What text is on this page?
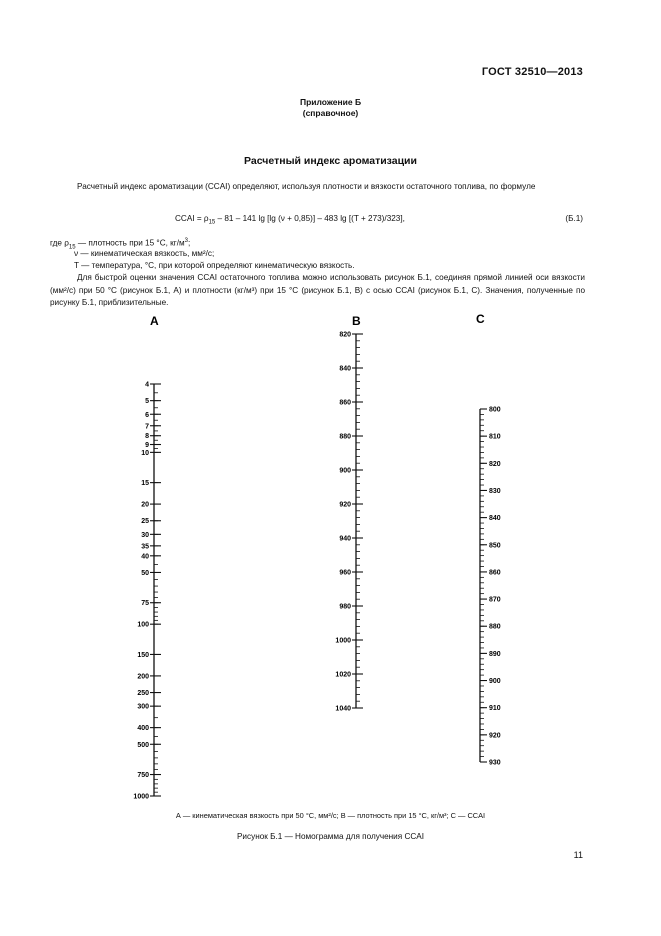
ГОСТ 32510—2013
Приложение Б
(справочное)
Расчетный индекс ароматизации
Расчетный индекс ароматизации (CCAI) определяют, используя плотности и вязкости остаточного топлива, по формуле
CCAI = $\rho_{15} - 81 - 141$ lg [lg (ν + 0,85)] – 483 lg [(T + 273)/323],	(Б.1)
где $\rho_{15}$ — плотность при 15 °С, $кг/м^3$;
ν — кинематическая вязкость, мм²/с;
T — температура, °С, при которой определяют кинематическую вязкость.
Для быстрой оценки значения CCAI остаточного топлива можно использовать рисунок Б.1, соединяя прямой линией оси вязкости (мм²/с) при 50 °С (рисунок Б.1, А) и плотности (кг/м³) при 15 °С (рисунок Б.1, В) с осью CCAI (рисунок Б.1, С). Значения, полученные по рисунку Б.1, приблизительные.
A
4
5
6
7
8
9
10
15
20
25
30
35
40
50
75
100
150
200
250
300
400
500
750
1000
B
820
840
860
880
900
920
940
960
980
1000
1020
1040
C
800
810
820
830
840
850
860
870
880
890
900
910
920
930
А — кинематическая вязкость при 50 °С, мм²/с; В — плотность при 15 °С, кг/м³; С — CCAI
Рисунок Б.1 — Номограмма для получения CCAI
11
